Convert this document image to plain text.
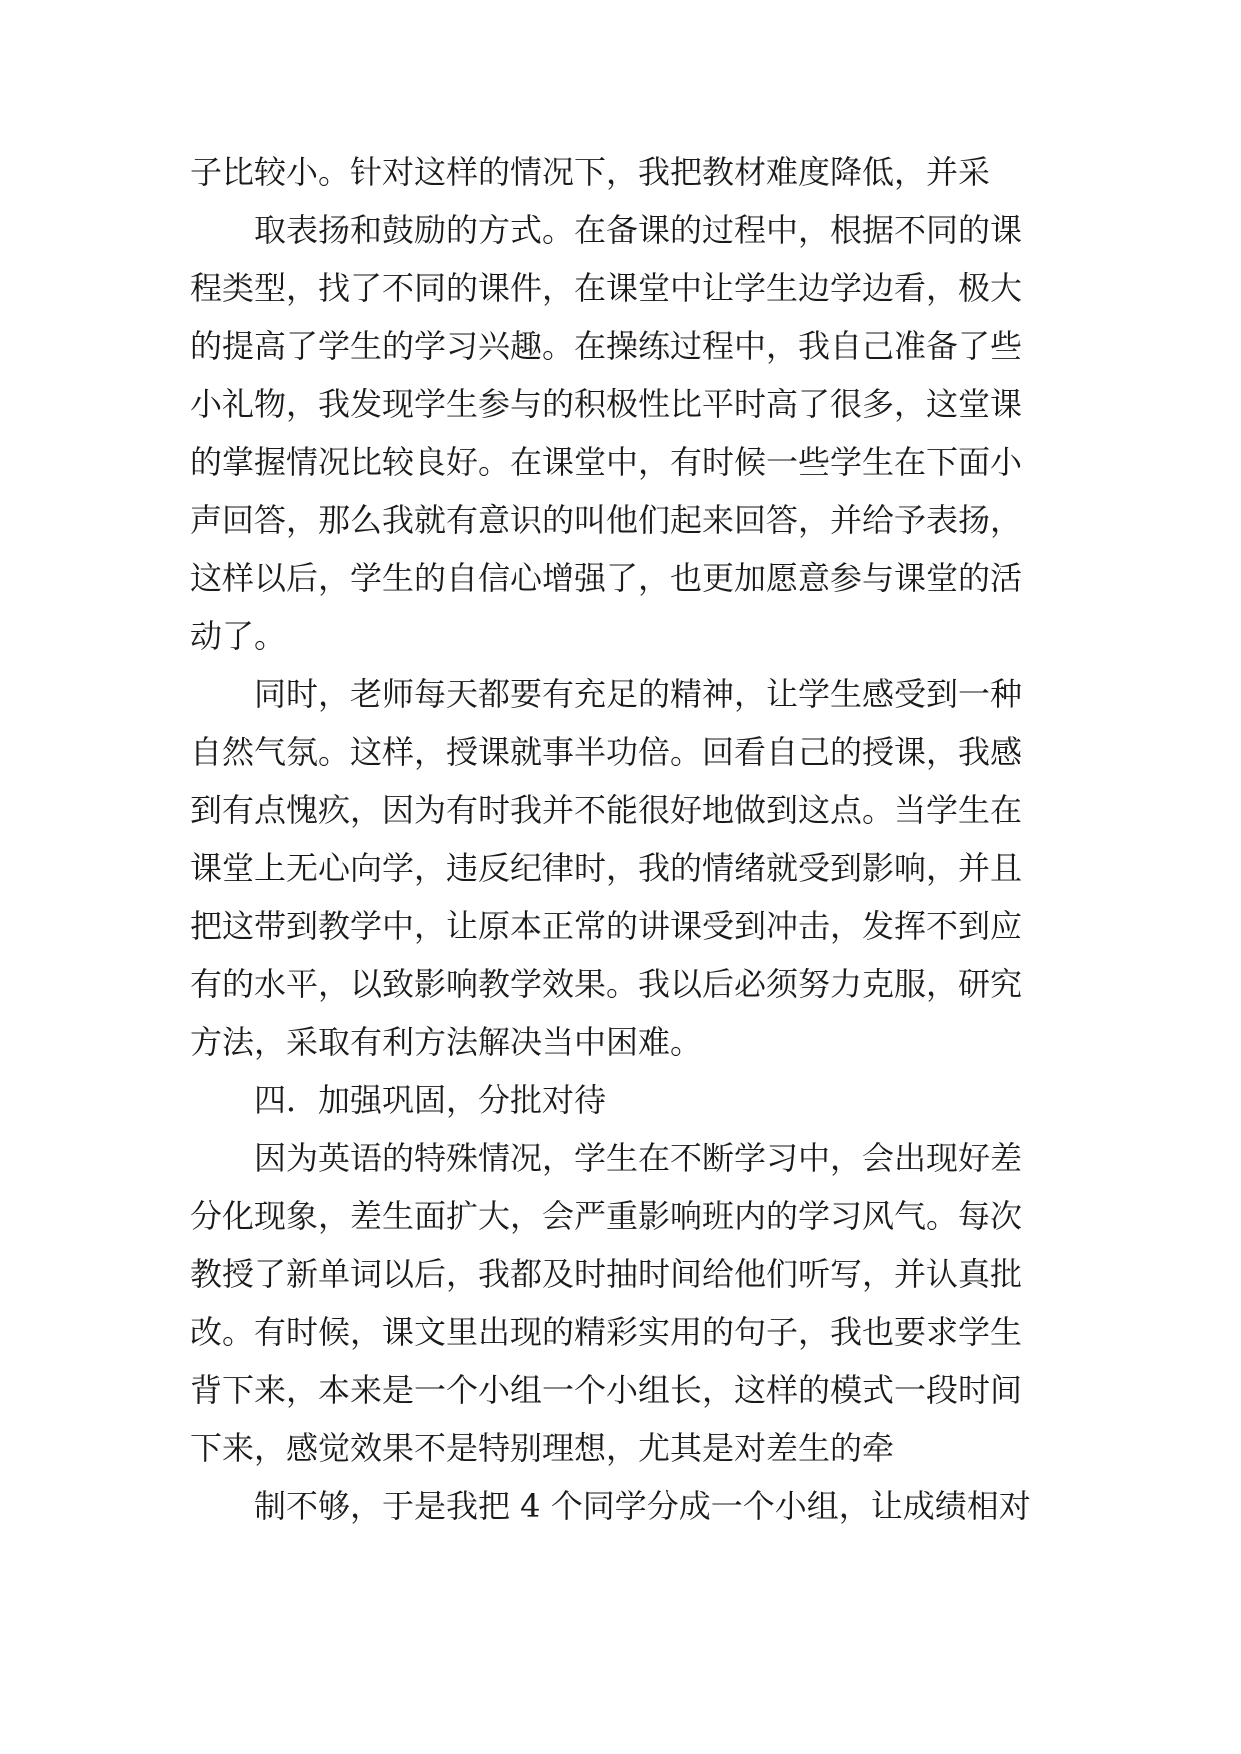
子比较小。针对这样的情况下，我把教材难度降低，并采
取表扬和鼓励的方式。在备课的过程中，根据不同的课
程类型，找了不同的课件，在课堂中让学生边学边看，极大
的提高了学生的学习兴趣。在操练过程中，我自己准备了些
小礼物，我发现学生参与的积极性比平时高了很多，这堂课
的掌握情况比较良好。在课堂中，有时候一些学生在下面小
声回答，那么我就有意识的叫他们起来回答，并给予表扬，
这样以后，学生的自信心增强了，也更加愿意参与课堂的活
动了。
同时，老师每天都要有充足的精神，让学生感受到一种
自然气氛。这样，授课就事半功倍。回看自己的授课，我感
到有点愧疚，因为有时我并不能很好地做到这点。当学生在
课堂上无心向学，违反纪律时，我的情绪就受到影响，并且
把这带到教学中，让原本正常的讲课受到冲击，发挥不到应
有的水平，以致影响教学效果。我以后必须努力克服，研究
方法，采取有利方法解决当中困难。
四．加强巩固，分批对待
因为英语的特殊情况，学生在不断学习中，会出现好差
分化现象，差生面扩大，会严重影响班内的学习风气。每次
教授了新单词以后，我都及时抽时间给他们听写，并认真批
改。有时候，课文里出现的精彩实用的句子，我也要求学生
背下来，本来是一个小组一个小组长，这样的模式一段时间
下来，感觉效果不是特别理想，尤其是对差生的牵
制不够，于是我把 4 个同学分成一个小组，让成绩相对
